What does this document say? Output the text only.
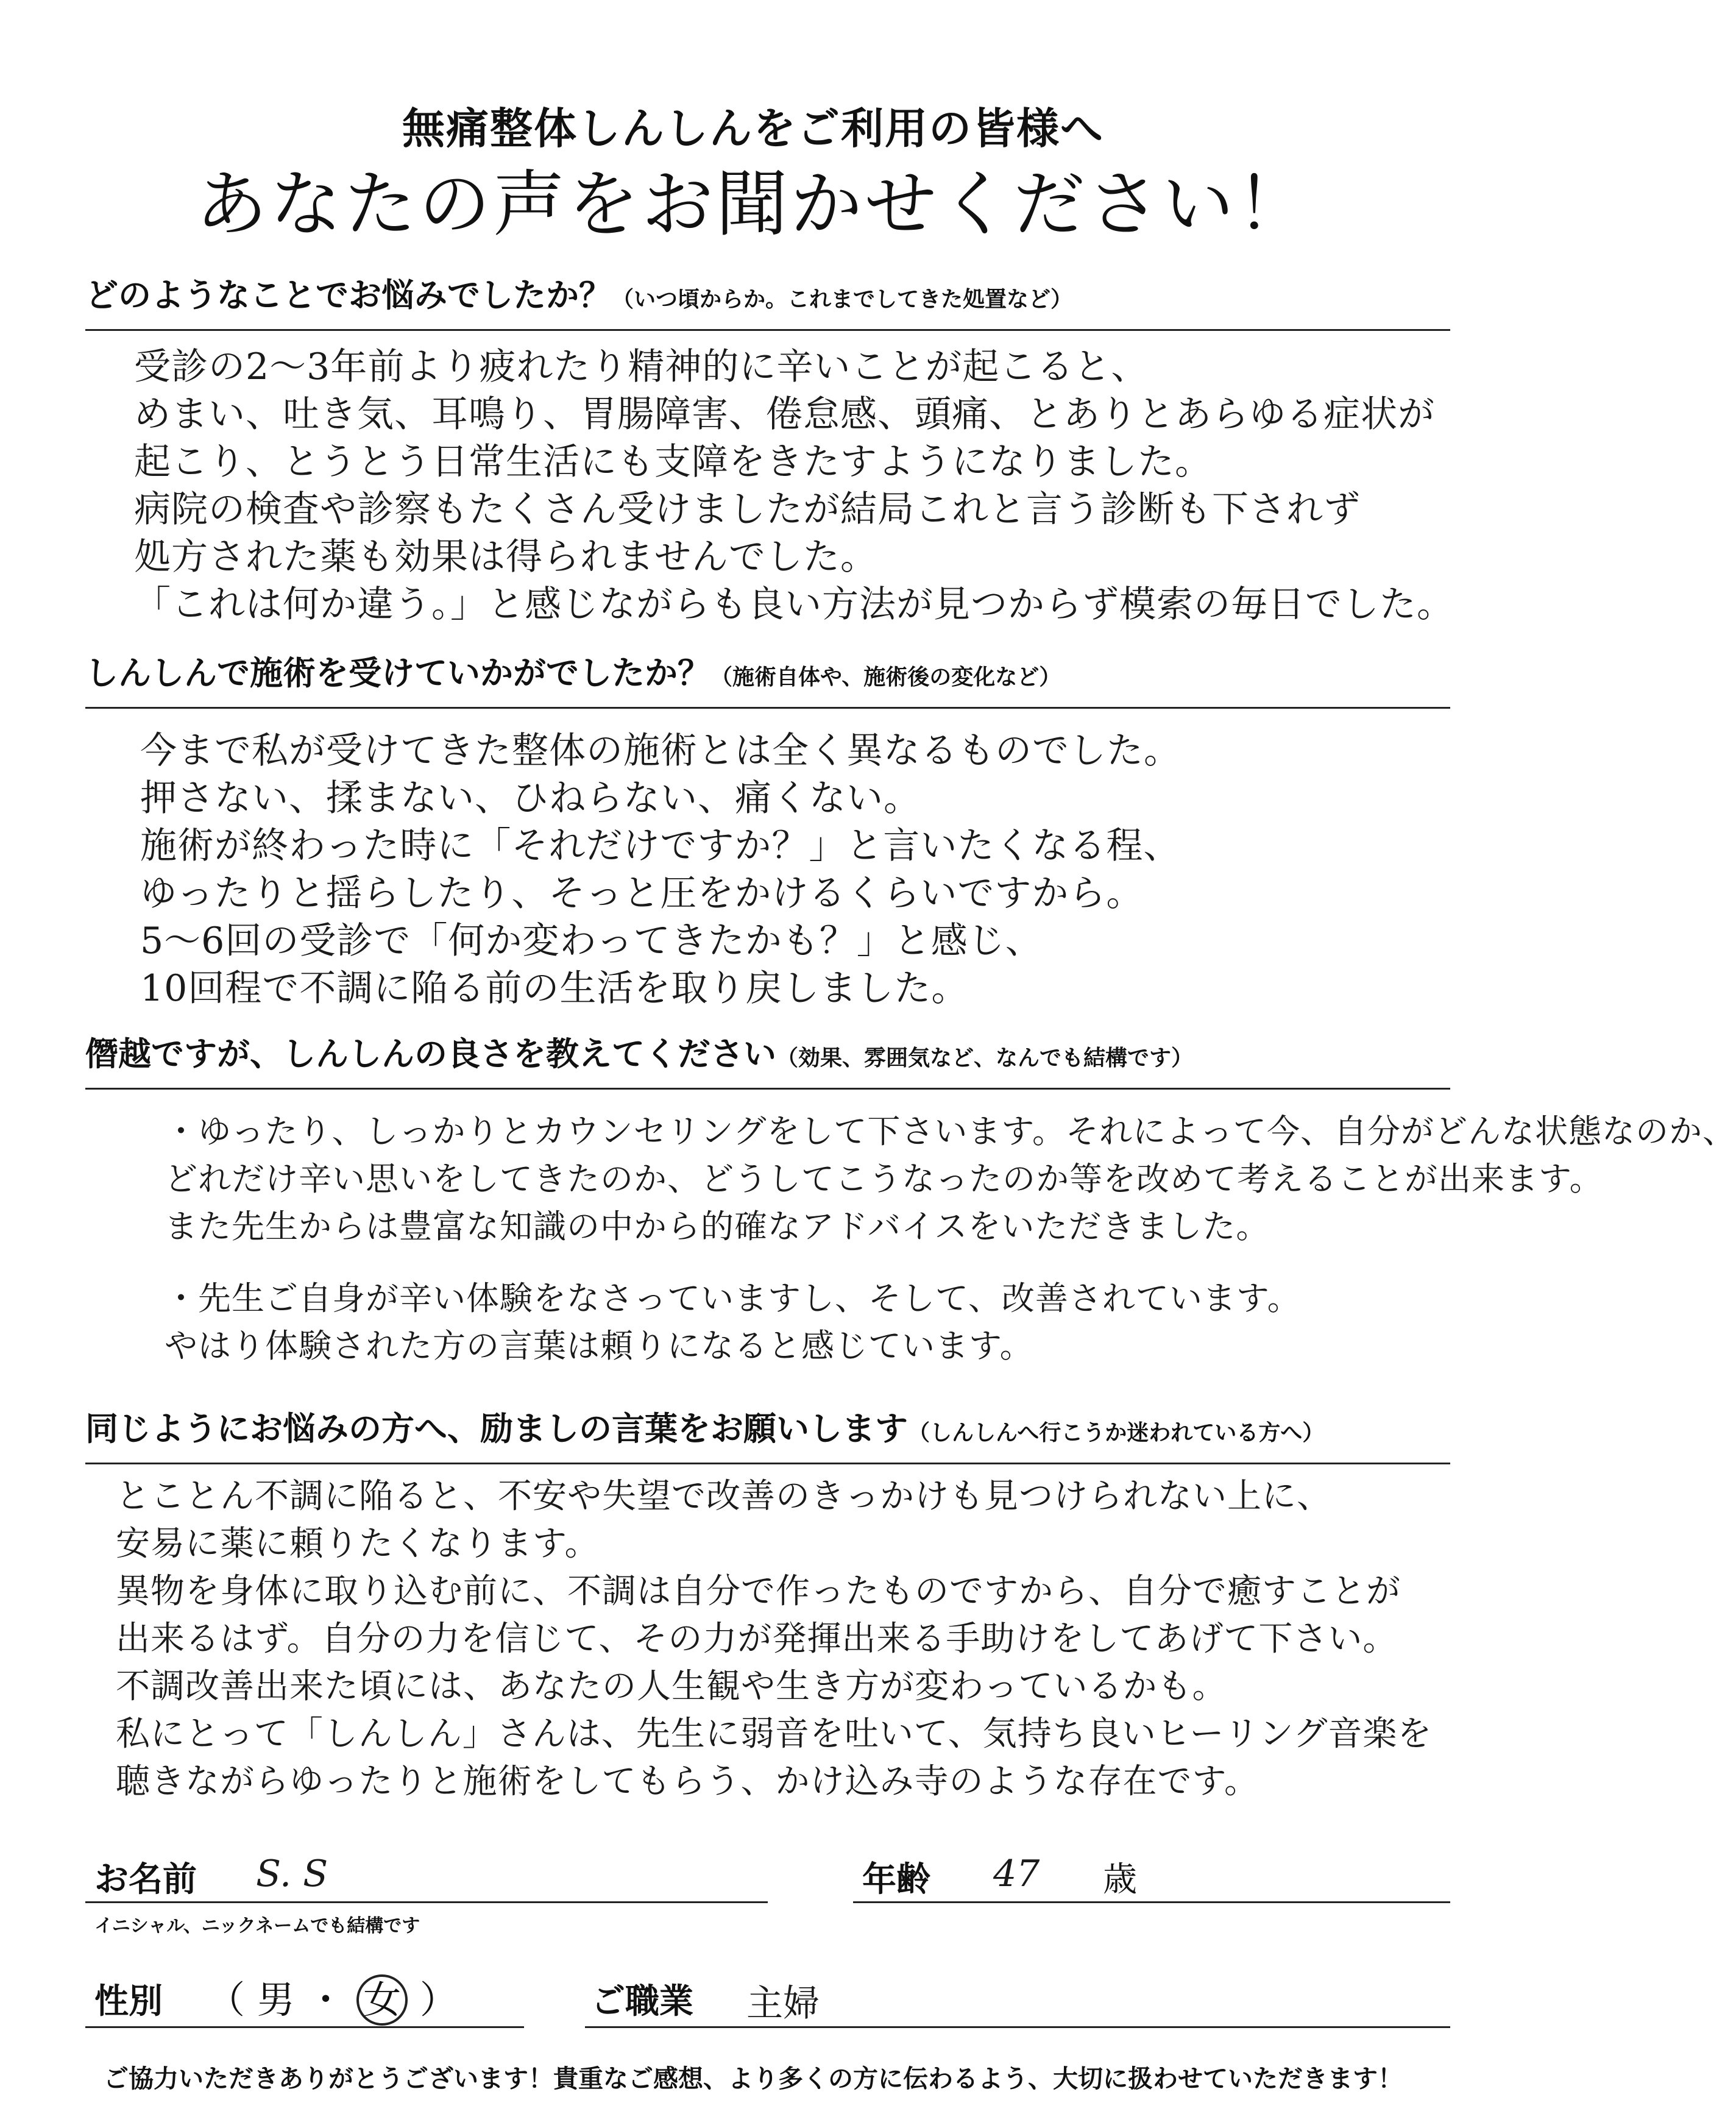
無痛整体しんしんをご利用の皆様へ
あなたの声をお聞かせください！
どのようなことでお悩みでしたか？（いつ頃からか。これまでしてきた処置など）
受診の2～3年前より疲れたり精神的に辛いことが起こると、
めまい、吐き気、耳鳴り、胃腸障害、倦怠感、頭痛、とありとあらゆる症状が
起こり、とうとう日常生活にも支障をきたすようになりました。
病院の検査や診察もたくさん受けましたが結局これと言う診断も下されず
処方された薬も効果は得られませんでした。
「これは何か違う。」と感じながらも良い方法が見つからず模索の毎日でした。
しんしんで施術を受けていかがでしたか？（施術自体や、施術後の変化など）
今まで私が受けてきた整体の施術とは全く異なるものでした。
押さない、揉まない、ひねらない、痛くない。
施術が終わった時に「それだけですか？」と言いたくなる程、
ゆったりと揺らしたり、そっと圧をかけるくらいですから。
5～6回の受診で「何か変わってきたかも？」と感じ、
10回程で不調に陥る前の生活を取り戻しました。
僭越ですが、しんしんの良さを教えてください（効果、雰囲気など、なんでも結構です）
・ゆったり、しっかりとカウンセリングをして下さいます。それによって今、自分がどんな状態なのか、
どれだけ辛い思いをしてきたのか、どうしてこうなったのか等を改めて考えることが出来ます。
また先生からは豊富な知識の中から的確なアドバイスをいただきました。
・先生ご自身が辛い体験をなさっていますし、そして、改善されています。
やはり体験された方の言葉は頼りになると感じています。
同じようにお悩みの方へ、励ましの言葉をお願いします（しんしんへ行こうか迷われている方へ）
とことん不調に陥ると、不安や失望で改善のきっかけも見つけられない上に、
安易に薬に頼りたくなります。
異物を身体に取り込む前に、不調は自分で作ったものですから、自分で癒すことが
出来るはず。自分の力を信じて、その力が発揮出来る手助けをしてあげて下さい。
不調改善出来た頃には、あなたの人生観や生き方が変わっているかも。
私にとって「しんしん」さんは、先生に弱音を吐いて、気持ち良いヒーリング音楽を
聴きながらゆったりと施術をしてもらう、かけ込み寺のような存在です。
お名前 S. S
イニシャル、ニックネームでも結構です
年齢 47 歳
性別 （ 男 ・ 女 ）	ご職業 主婦
ご協力いただきありがとうございます！貴重なご感想、より多くの方に伝わるよう、大切に扱わせていただきます！
